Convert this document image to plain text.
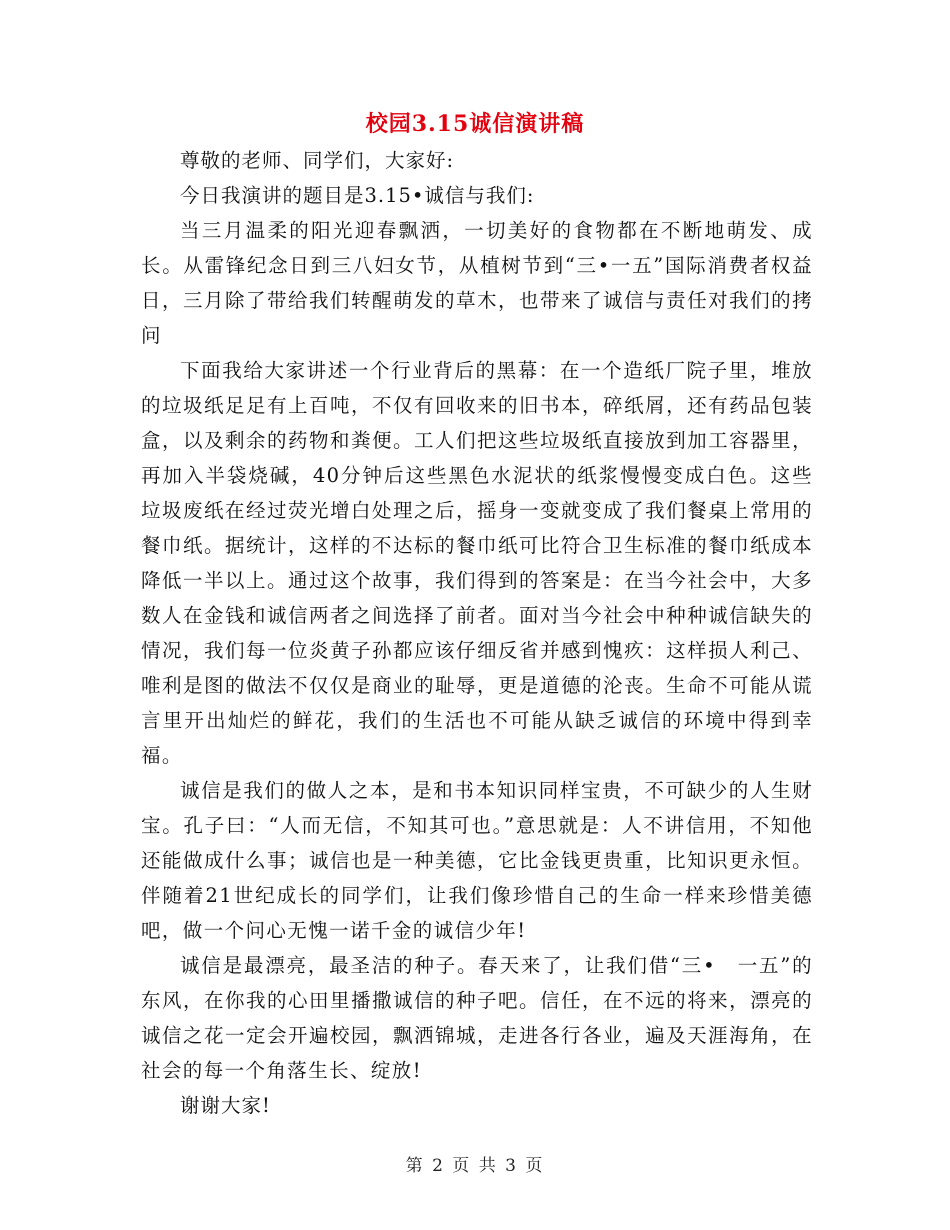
校园3.15诚信演讲稿

尊敬的老师、同学们，大家好:

今日我演讲的题目是3.15•诚信与我们:

当三月温柔的阳光迎春飘洒，一切美好的食物都在不断地萌发、成长。从雷锋纪念日到三八妇女节，从植树节到“三•一五”国际消费者权益日，三月除了带给我们转醒萌发的草木，也带来了诚信与责任对我们的拷问

下面我给大家讲述一个行业背后的黑幕：在一个造纸厂院子里，堆放的垃圾纸足足有上百吨，不仅有回收来的旧书本，碎纸屑，还有药品包装盒，以及剩余的药物和粪便。工人们把这些垃圾纸直接放到加工容器里，再加入半袋烧碱，40分钟后这些黑色水泥状的纸浆慢慢变成白色。这些垃圾废纸在经过荧光增白处理之后，摇身一变就变成了我们餐桌上常用的餐巾纸。据统计，这样的不达标的餐巾纸可比符合卫生标准的餐巾纸成本降低一半以上。通过这个故事，我们得到的答案是：在当今社会中，大多数人在金钱和诚信两者之间选择了前者。面对当今社会中种种诚信缺失的情况，我们每一位炎黄子孙都应该仔细反省并感到愧疚：这样损人利己、唯利是图的做法不仅仅是商业的耻辱，更是道德的沦丧。生命不可能从谎言里开出灿烂的鲜花，我们的生活也不可能从缺乏诚信的环境中得到幸福。

诚信是我们的做人之本，是和书本知识同样宝贵，不可缺少的人生财宝。孔子曰：“人而无信，不知其可也。”意思就是：人不讲信用，不知他还能做成什么事；诚信也是一种美德，它比金钱更贵重，比知识更永恒。伴随着21世纪成长的同学们，让我们像珍惜自己的生命一样来珍惜美德吧，做一个问心无愧一诺千金的诚信少年!

诚信是最漂亮，最圣洁的种子。春天来了，让我们借“三•　一五”的东风，在你我的心田里播撒诚信的种子吧。信任，在不远的将来，漂亮的诚信之花一定会开遍校园，飘洒锦城，走进各行各业，遍及天涯海角，在社会的每一个角落生长、绽放!

谢谢大家!

第 2 页 共 3 页
